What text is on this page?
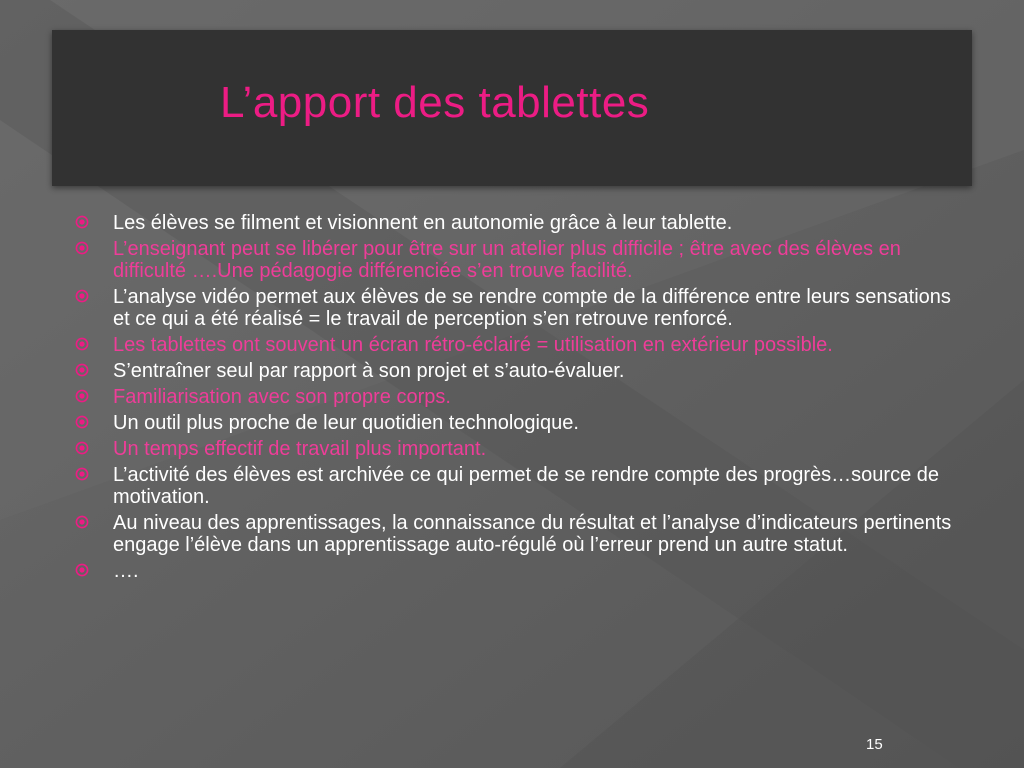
L’apport des tablettes
Les élèves se filment et visionnent en autonomie grâce à leur tablette.
L’enseignant peut se libérer pour être sur un atelier plus difficile ; être avec des élèves en difficulté ….Une pédagogie différenciée s’en trouve facilité.
L’analyse vidéo permet aux élèves de se rendre compte de la différence entre leurs sensations et ce qui a été réalisé = le travail de perception s’en retrouve renforcé.
Les tablettes ont souvent un écran rétro-éclairé = utilisation en extérieur possible.
S’entraîner seul par rapport à son projet et s’auto-évaluer.
Familiarisation avec son propre corps.
Un outil plus proche de leur quotidien technologique.
Un temps effectif de travail plus important.
L’activité des élèves est archivée ce qui permet de se rendre compte des progrès…source de motivation.
Au niveau des apprentissages, la connaissance du résultat et l’analyse d’indicateurs pertinents engage l’élève dans un apprentissage auto-régulé où l’erreur prend un autre statut.
….
15
